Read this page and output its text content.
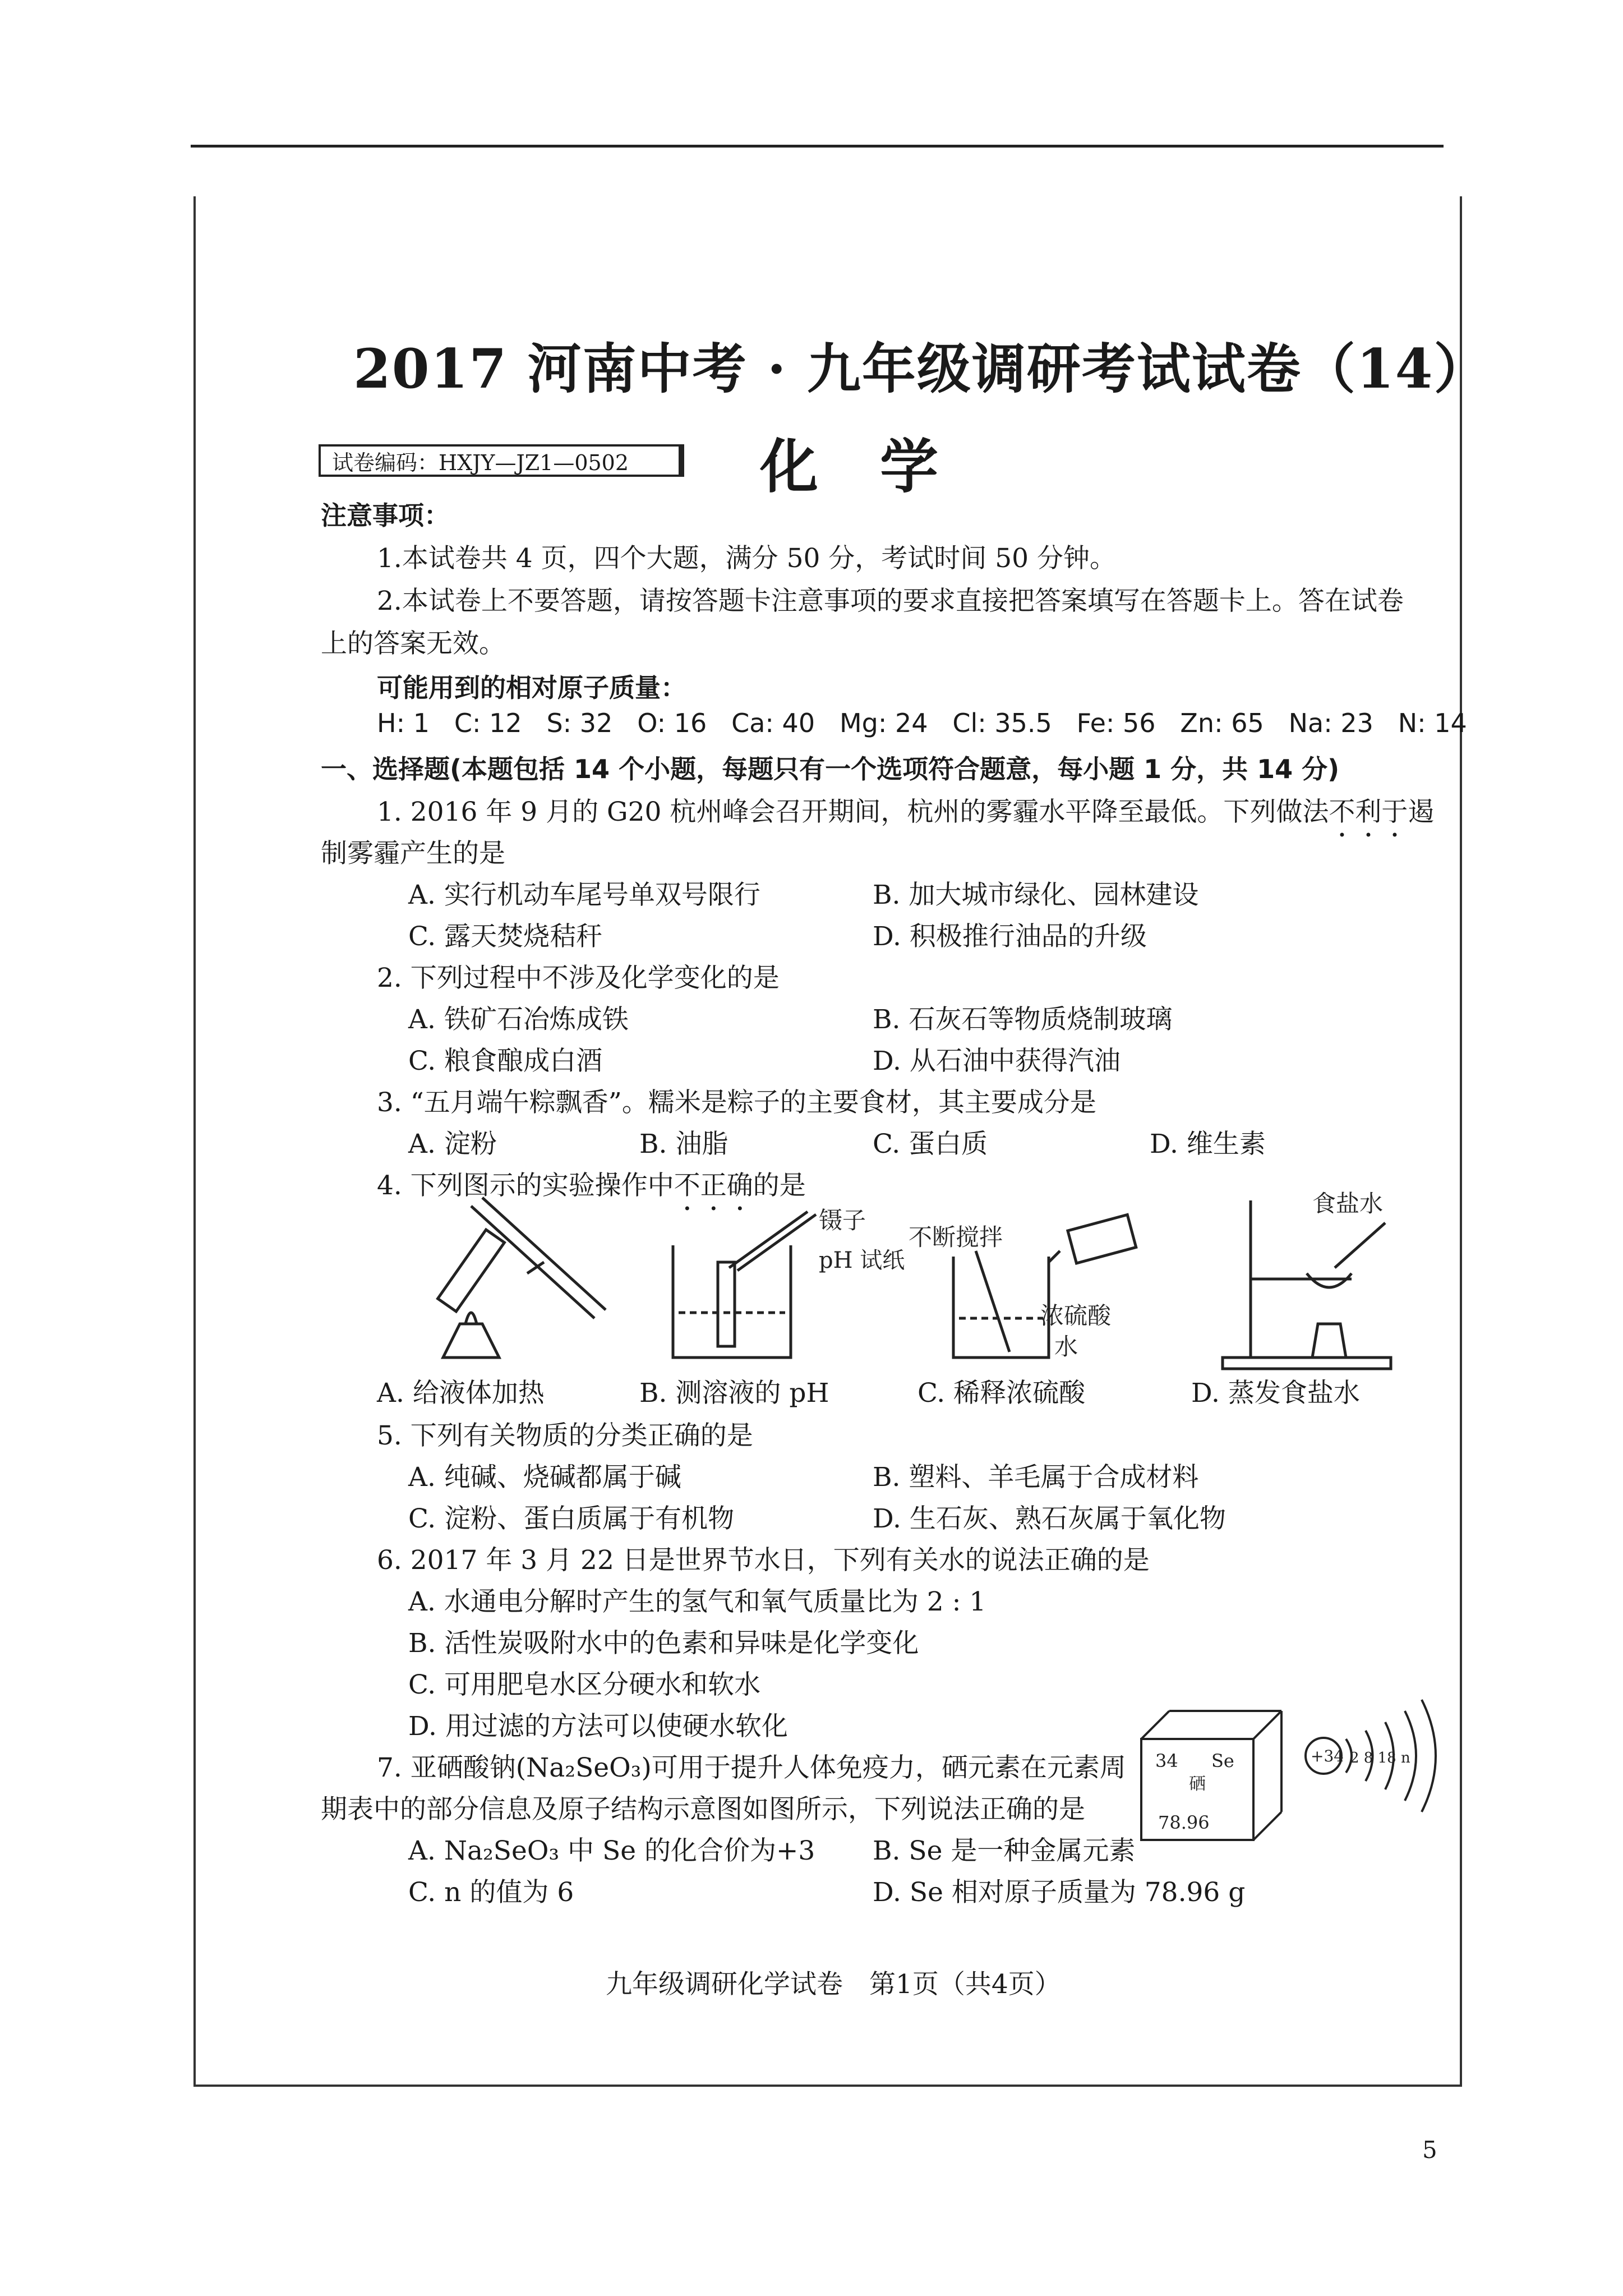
2017 河南中考 · 九年级调研考试试卷（14）
试卷编码：HXJY—JZ1—0502	化学
注意事项：
1.本试卷共 4 页，四个大题，满分 50 分，考试时间 50 分钟。
2.本试卷上不要答题，请按答题卡注意事项的要求直接把答案填写在答题卡上。答在试卷
上的答案无效。
可能用到的相对原子质量：
H: 1   C: 12   S: 32   O: 16   Ca: 40   Mg: 24   Cl: 35.5   Fe: 56   Zn: 65   Na: 23   N: 14
一、选择题(本题包括 14 个小题，每题只有一个选项符合题意，每小题 1 分，共 14 分)
1. 2016 年 9 月的 G20 杭州峰会召开期间，杭州的雾霾水平降至最低。下列做法不利于遏
制雾霾产生的是
A. 实行机动车尾号单双号限行	B. 加大城市绿化、园林建设
C. 露天焚烧秸秆	D. 积极推行油品的升级
2. 下列过程中不涉及化学变化的是
A. 铁矿石冶炼成铁	B. 石灰石等物质烧制玻璃
C. 粮食酿成白酒	D. 从石油中获得汽油
3. “五月端午粽飘香”。糯米是粽子的主要食材，其主要成分是
A. 淀粉	B. 油脂	C. 蛋白质	D. 维生素
4. 下列图示的实验操作中不正确的是
镊子
pH 试纸
不断搅拌
浓硫酸
水
食盐水
A. 给液体加热	B. 测溶液的 pH	C. 稀释浓硫酸	D. 蒸发食盐水
5. 下列有关物质的分类正确的是
A. 纯碱、烧碱都属于碱	B. 塑料、羊毛属于合成材料
C. 淀粉、蛋白质属于有机物	D. 生石灰、熟石灰属于氧化物
6. 2017 年 3 月 22 日是世界节水日，下列有关水的说法正确的是
A. 水通电分解时产生的氢气和氧气质量比为 2 : 1
B. 活性炭吸附水中的色素和异味是化学变化
C. 可用肥皂水区分硬水和软水
D. 用过滤的方法可以使硬水软化
7. 亚硒酸钠(Na₂SeO₃)可用于提升人体免疫力，硒元素在元素周
期表中的部分信息及原子结构示意图如图所示，下列说法正确的是
A. Na₂SeO₃ 中 Se 的化合价为+3 B. Se 是一种金属元素
C. n 的值为 6	D. Se 相对原子质量为 78.96 g
34 Se
硒
78.96
+34 2 8 18 n
九年级调研化学试卷　第1页（共4页）
5
